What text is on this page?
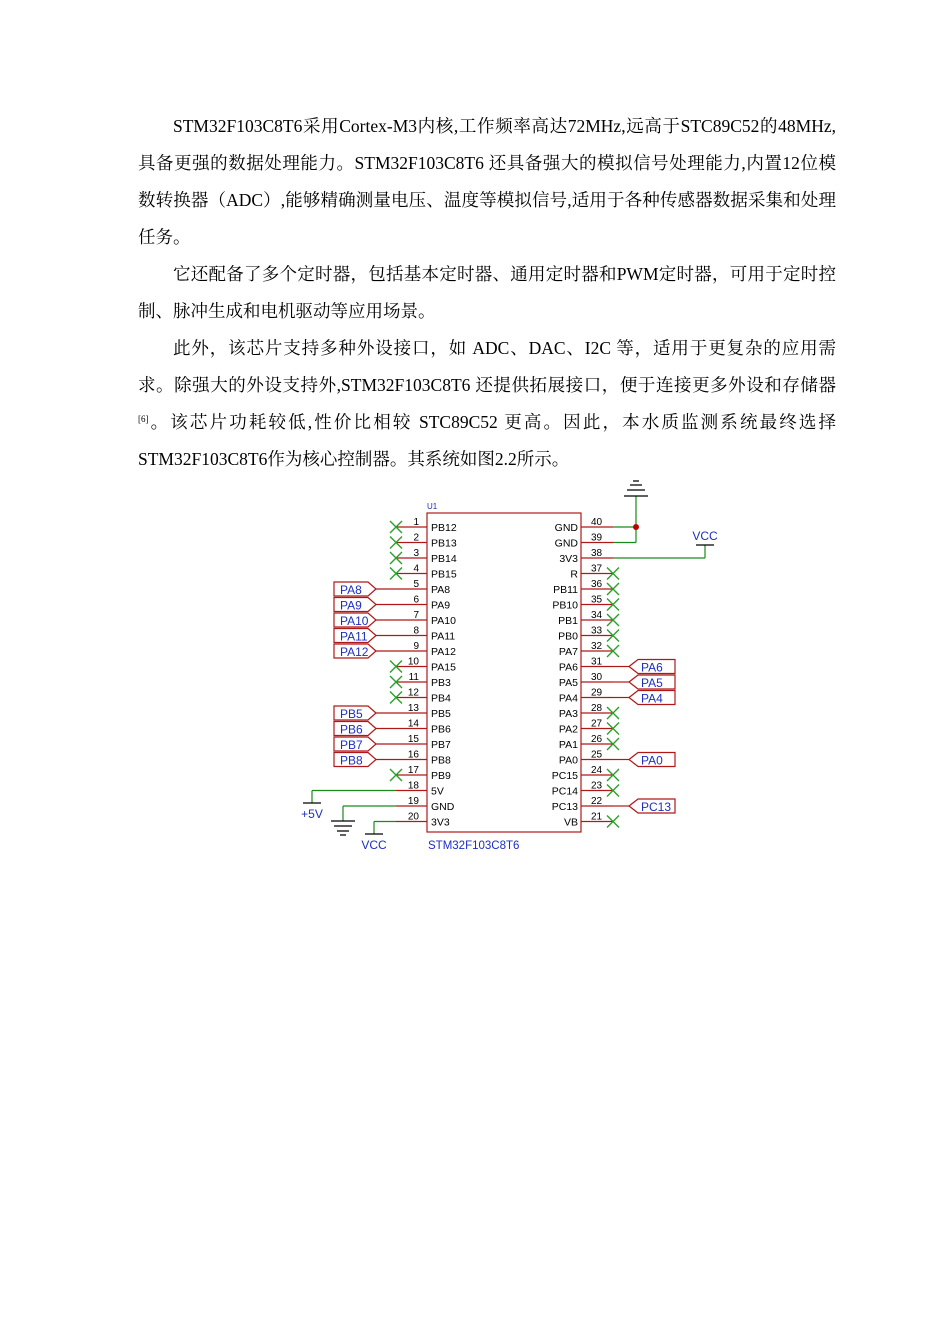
STM32F103C8T6采用Cortex-M3内核,工作频率高达72MHz,远高于STC89C52的48MHz,具备更强的数据处理能力。STM32F103C8T6 还具备强大的模拟信号处理能力,内置12位模数转换器（ADC）,能够精确测量电压、温度等模拟信号,适用于各种传感器数据采集和处理任务。

它还配备了多个定时器，包括基本定时器、通用定时器和PWM定时器，可用于定时控制、脉冲生成和电机驱动等应用场景。

此外，该芯片支持多种外设接口，如 ADC、DAC、I2C 等，适用于更复杂的应用需求。除强大的外设支持外,STM32F103C8T6 还提供拓展接口，便于连接更多外设和存储器[6]。该芯片功耗较低,性价比相较 STC89C52 更高。因此，本水质监测系统最终选择STM32F103C8T6作为核心控制器。其系统如图2.2所示。

U1
STM32F103C8T6
1 PB12
2 PB13
3 PB14
4 PB15
5 PA8
PA8
6 PA9
PA9
7 PA10
PA10
8 PA11
PA11
9 PA12
PA12
10 PA15
11 PB3
12 PB4
13 PB5
PB5
14 PB6
PB6
15 PB7
PB7
16 PB8
PB8
17 PB9
18 5V
19 GND
20 3V3
40
GND
39
GND
38
3V3
37
R
36
PB11
35
PB10
34
PB1
33
PB0
32
PA7
31
PA6	PA6
30
PA5	PA5
29
PA4	PA4
28
PA3
27
PA2
26
PA1
25
PA0	PA0
24
PC15
23
PC14
22
PC13	PC13
21
VB
VCC
+5V
VCC
